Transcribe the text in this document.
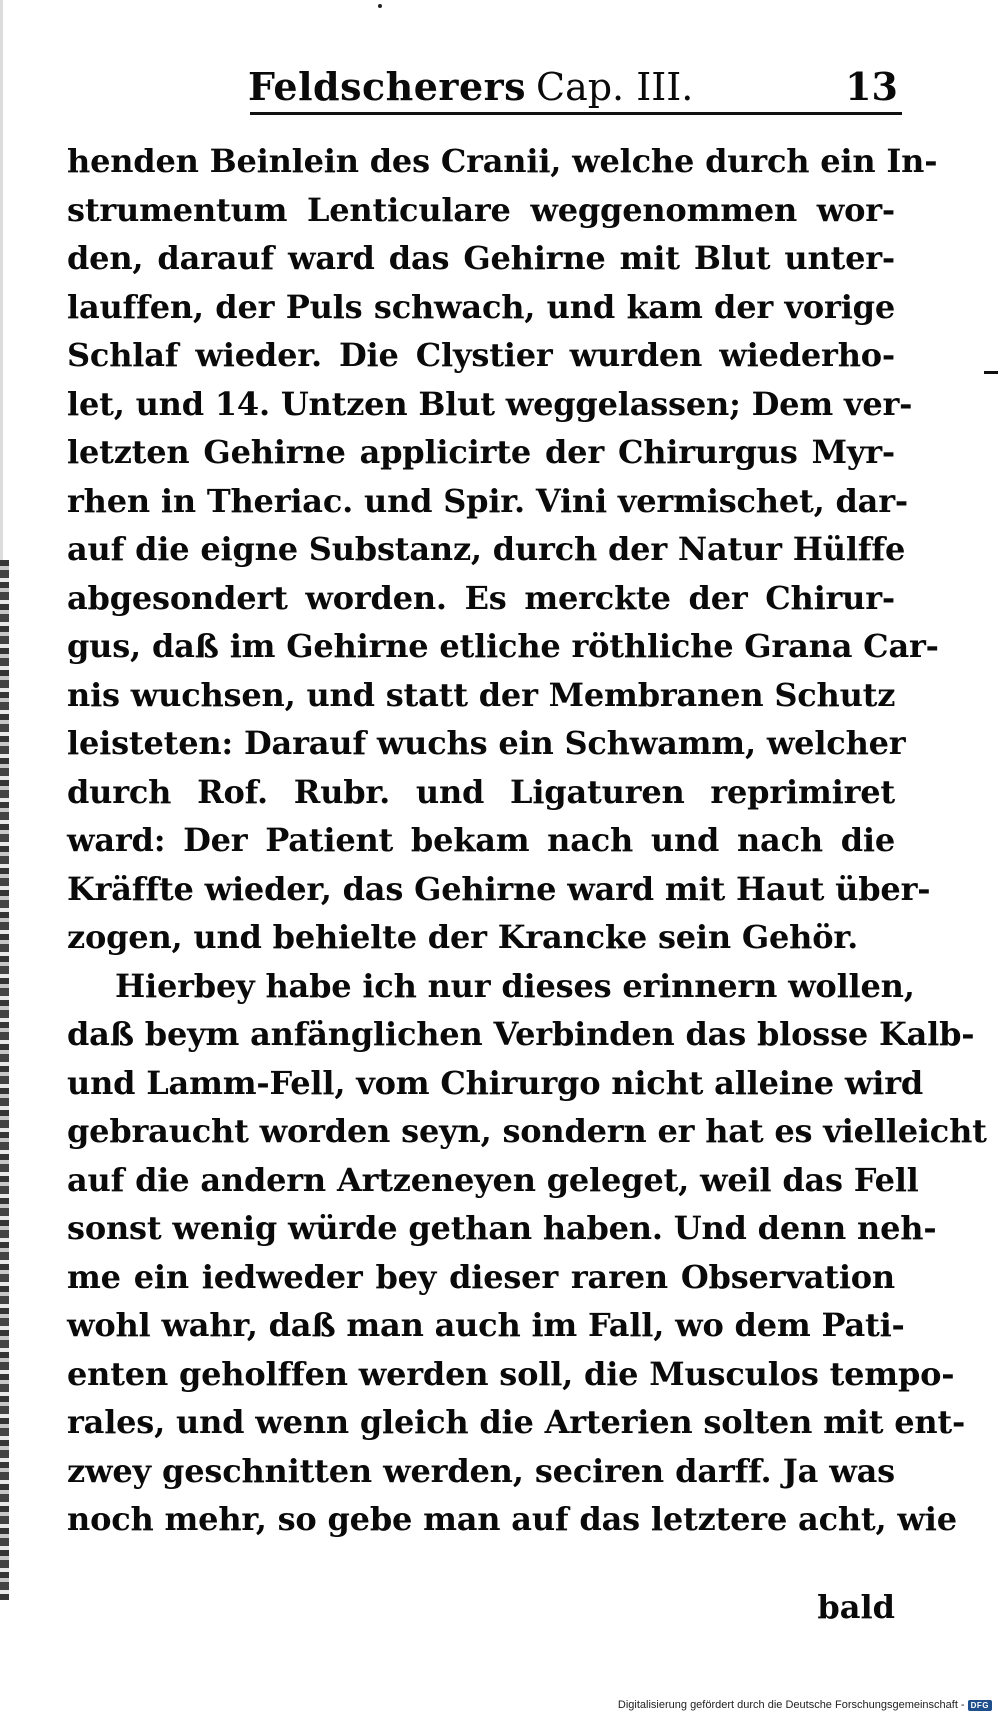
Feldscherers Cap. III.	13
henden Beinlein des Cranii, welche durch ein In-
strumentum Lenticulare weggenommen wor-
den, darauf ward das Gehirne mit Blut unter-
lauffen, der Puls schwach, und kam der vorige
Schlaf wieder. Die Clystier wurden wiederho-
let, und 14. Untzen Blut weggelassen; Dem ver-
letzten Gehirne applicirte der Chirurgus Myr-
rhen in Theriac. und Spir. Vini vermischet, dar-
auf die eigne Substanz, durch der Natur Hülffe
abgesondert worden. Es merckte der Chirur-
gus, daß im Gehirne etliche röthliche Grana Car-
nis wuchsen, und statt der Membranen Schutz
leisteten: Darauf wuchs ein Schwamm, welcher
durch Rof. Rubr. und Ligaturen reprimiret
ward: Der Patient bekam nach und nach die
Kräffte wieder, das Gehirne ward mit Haut über-
zogen, und behielte der Krancke sein Gehör.
Hierbey habe ich nur dieses erinnern wollen,
daß beym anfänglichen Verbinden das blosse Kalb-
und Lamm-Fell, vom Chirurgo nicht alleine wird
gebraucht worden seyn, sondern er hat es vielleicht
auf die andern Artzeneyen geleget, weil das Fell
sonst wenig würde gethan haben. Und denn neh-
me ein iedweder bey dieser raren Observation
wohl wahr, daß man auch im Fall, wo dem Pati-
enten geholffen werden soll, die Musculos tempo-
rales, und wenn gleich die Arterien solten mit ent-
zwey geschnitten werden, seciren darff. Ja was
noch mehr, so gebe man auf das letztere acht, wie
bald
Digitalisierung gefördert durch die Deutsche Forschungsgemeinschaft - DFG
